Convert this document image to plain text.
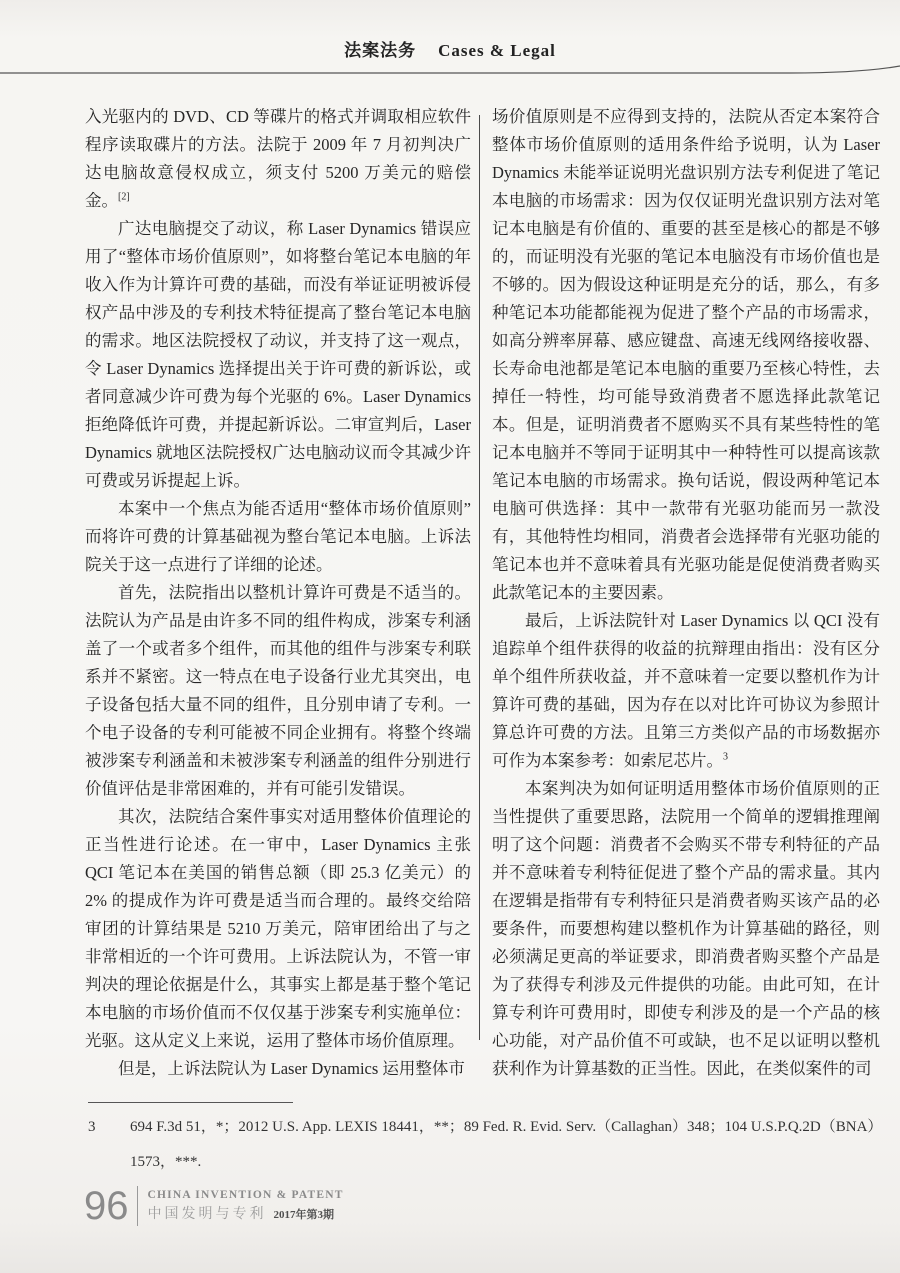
法案法务 Cases & Legal

入光驱内的 DVD、CD 等碟片的格式并调取相应软件程序读取碟片的方法。法院于 2009 年 7 月初判决广达电脑故意侵权成立，须支付 5200 万美元的赔偿金。[2]

广达电脑提交了动议，称 Laser Dynamics 错误应用了“整体市场价值原则”，如将整台笔记本电脑的年收入作为计算许可费的基础，而没有举证证明被诉侵权产品中涉及的专利技术特征提高了整台笔记本电脑的需求。地区法院授权了动议，并支持了这一观点，令 Laser Dynamics 选择提出关于许可费的新诉讼，或者同意减少许可费为每个光驱的 6%。Laser Dynamics 拒绝降低许可费，并提起新诉讼。二审宣判后，Laser Dynamics 就地区法院授权广达电脑动议而令其减少许可费或另诉提起上诉。

本案中一个焦点为能否适用“整体市场价值原则”而将许可费的计算基础视为整台笔记本电脑。上诉法院关于这一点进行了详细的论述。

首先，法院指出以整机计算许可费是不适当的。法院认为产品是由许多不同的组件构成，涉案专利涵盖了一个或者多个组件，而其他的组件与涉案专利联系并不紧密。这一特点在电子设备行业尤其突出，电子设备包括大量不同的组件，且分别申请了专利。一个电子设备的专利可能被不同企业拥有。将整个终端被涉案专利涵盖和未被涉案专利涵盖的组件分别进行价值评估是非常困难的，并有可能引发错误。

其次，法院结合案件事实对适用整体价值理论的正当性进行论述。在一审中，Laser Dynamics 主张 QCI 笔记本在美国的销售总额（即 25.3 亿美元）的 2% 的提成作为许可费是适当而合理的。最终交给陪审团的计算结果是 5210 万美元，陪审团给出了与之非常相近的一个许可费用。上诉法院认为，不管一审判决的理论依据是什么，其事实上都是基于整个笔记本电脑的市场价值而不仅仅基于涉案专利实施单位：光驱。这从定义上来说，运用了整体市场价值原理。

但是，上诉法院认为 Laser Dynamics 运用整体市

场价值原则是不应得到支持的，法院从否定本案符合整体市场价值原则的适用条件给予说明，认为 Laser Dynamics 未能举证说明光盘识别方法专利促进了笔记本电脑的市场需求：因为仅仅证明光盘识别方法对笔记本电脑是有价值的、重要的甚至是核心的都是不够的，而证明没有光驱的笔记本电脑没有市场价值也是不够的。因为假设这种证明是充分的话，那么，有多种笔记本功能都能视为促进了整个产品的市场需求，如高分辨率屏幕、感应键盘、高速无线网络接收器、长寿命电池都是笔记本电脑的重要乃至核心特性，去掉任一特性，均可能导致消费者不愿选择此款笔记本。但是，证明消费者不愿购买不具有某些特性的笔记本电脑并不等同于证明其中一种特性可以提高该款笔记本电脑的市场需求。换句话说，假设两种笔记本电脑可供选择：其中一款带有光驱功能而另一款没有，其他特性均相同，消费者会选择带有光驱功能的笔记本也并不意味着具有光驱功能是促使消费者购买此款笔记本的主要因素。

最后，上诉法院针对 Laser Dynamics 以 QCI 没有追踪单个组件获得的收益的抗辩理由指出：没有区分单个组件所获收益，并不意味着一定要以整机作为计算许可费的基础，因为存在以对比许可协议为参照计算总许可费的方法。且第三方类似产品的市场数据亦可作为本案参考：如索尼芯片。$^3$

本案判决为如何证明适用整体市场价值原则的正当性提供了重要思路，法院用一个简单的逻辑推理阐明了这个问题：消费者不会购买不带专利特征的产品并不意味着专利特征促进了整个产品的需求量。其内在逻辑是指带有专利特征只是消费者购买该产品的必要条件，而要想构建以整机作为计算基础的路径，则必须满足更高的举证要求，即消费者购买整个产品是为了获得专利涉及元件提供的功能。由此可知，在计算专利许可费用时，即使专利涉及的是一个产品的核心功能，对产品价值不可或缺，也不足以证明以整机获利作为计算基数的正当性。因此，在类似案件的司

3	694 F.3d 51，*；2012 U.S. App. LEXIS 18441，**；89 Fed. R. Evid. Serv.（Callaghan）348；104 U.S.P.Q.2D（BNA）1573，***.
96 CHINA INVENTION & PATENT
中国发明与专利 2017年第3期
